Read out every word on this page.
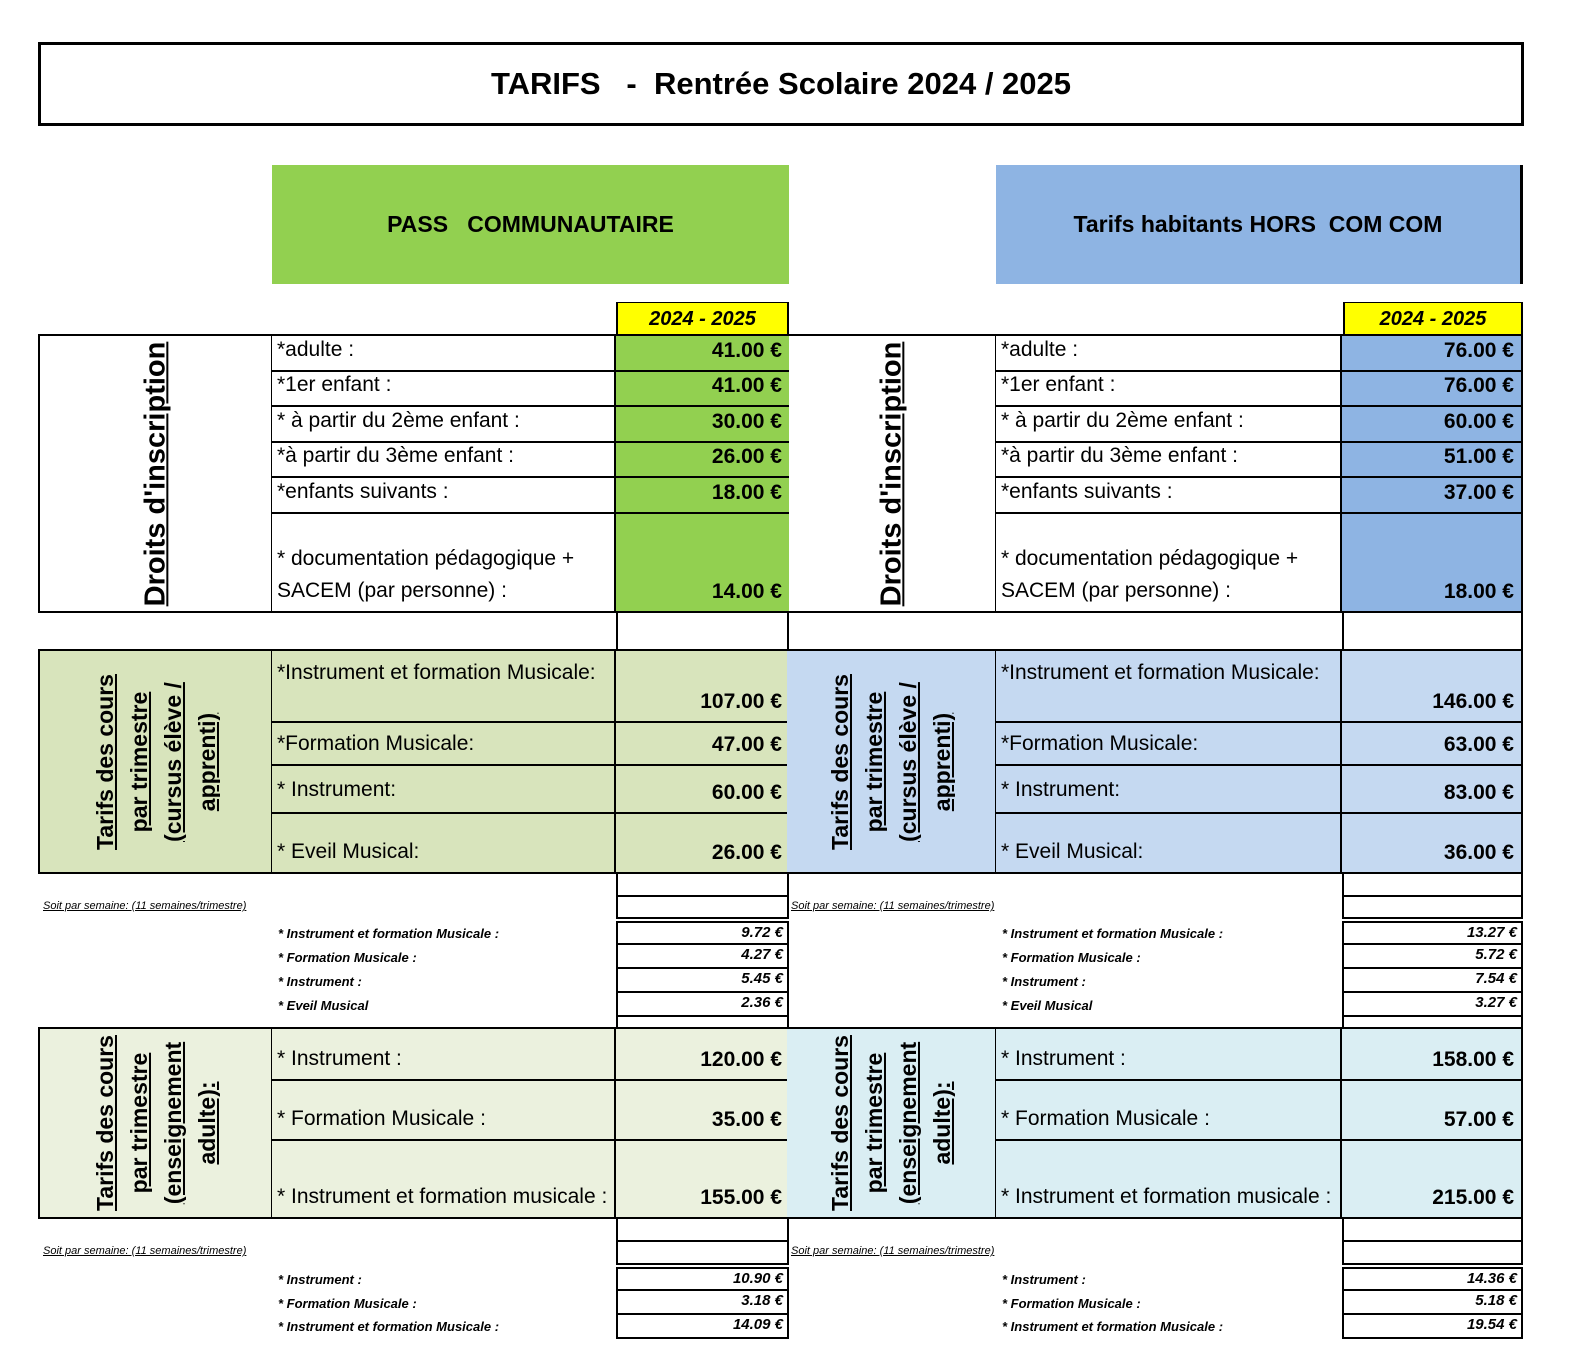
TARIFS   -  Rentrée Scolaire 2024 / 2025
PASS   COMMUNAUTAIRE
2024 - 2025
Droits d'inscription	*adulte :	41.00 €
*1er enfant :	41.00 €
* à partir du 2ème enfant :	30.00 €
*à partir du 3ème enfant :	26.00 €
*enfants suivants :	18.00 €
* documentation pédagogique + SACEM (par personne) :	14.00 €
Tarifs des cours
par trimestre
(cursus élève /
apprenti)
*Instrument et formation Musicale:
107.00 €
*Formation Musicale:	47.00 €
* Instrument:	60.00 €
* Eveil Musical:	26.00 €
Soit par semaine: (11 semaines/trimestre)
* Instrument et formation Musicale :	9.72 €
* Formation Musicale :	4.27 €
* Instrument :	5.45 €
* Eveil Musical	2.36 €
Tarifs des cours
par trimestre
(enseignement
adulte):
* Instrument :	120.00 €
* Formation Musicale :	35.00 €
* Instrument et formation musicale :	155.00 €
Soit par semaine: (11 semaines/trimestre)
* Instrument :	10.90 €
* Formation Musicale :	3.18 €
* Instrument et formation Musicale :	14.09 €
Tarifs habitants HORS  COM COM
2024 - 2025
Droits d'inscription	*adulte :	76.00 €
*1er enfant :	76.00 €
* à partir du 2ème enfant :	60.00 €
*à partir du 3ème enfant :	51.00 €
*enfants suivants :	37.00 €
* documentation pédagogique + SACEM (par personne) :	18.00 €
Tarifs des cours
par trimestre
(cursus élève /
apprenti)
*Instrument et formation Musicale:
146.00 €
*Formation Musicale:	63.00 €
* Instrument:	83.00 €
* Eveil Musical:	36.00 €
Soit par semaine: (11 semaines/trimestre)
* Instrument et formation Musicale :	13.27 €
* Formation Musicale :	5.72 €
* Instrument :	7.54 €
* Eveil Musical	3.27 €
Tarifs des cours
par trimestre
(enseignement
adulte):
* Instrument :	158.00 €
* Formation Musicale :	57.00 €
* Instrument et formation musicale :	215.00 €
Soit par semaine: (11 semaines/trimestre)
* Instrument :	14.36 €
* Formation Musicale :	5.18 €
* Instrument et formation Musicale :	19.54 €
